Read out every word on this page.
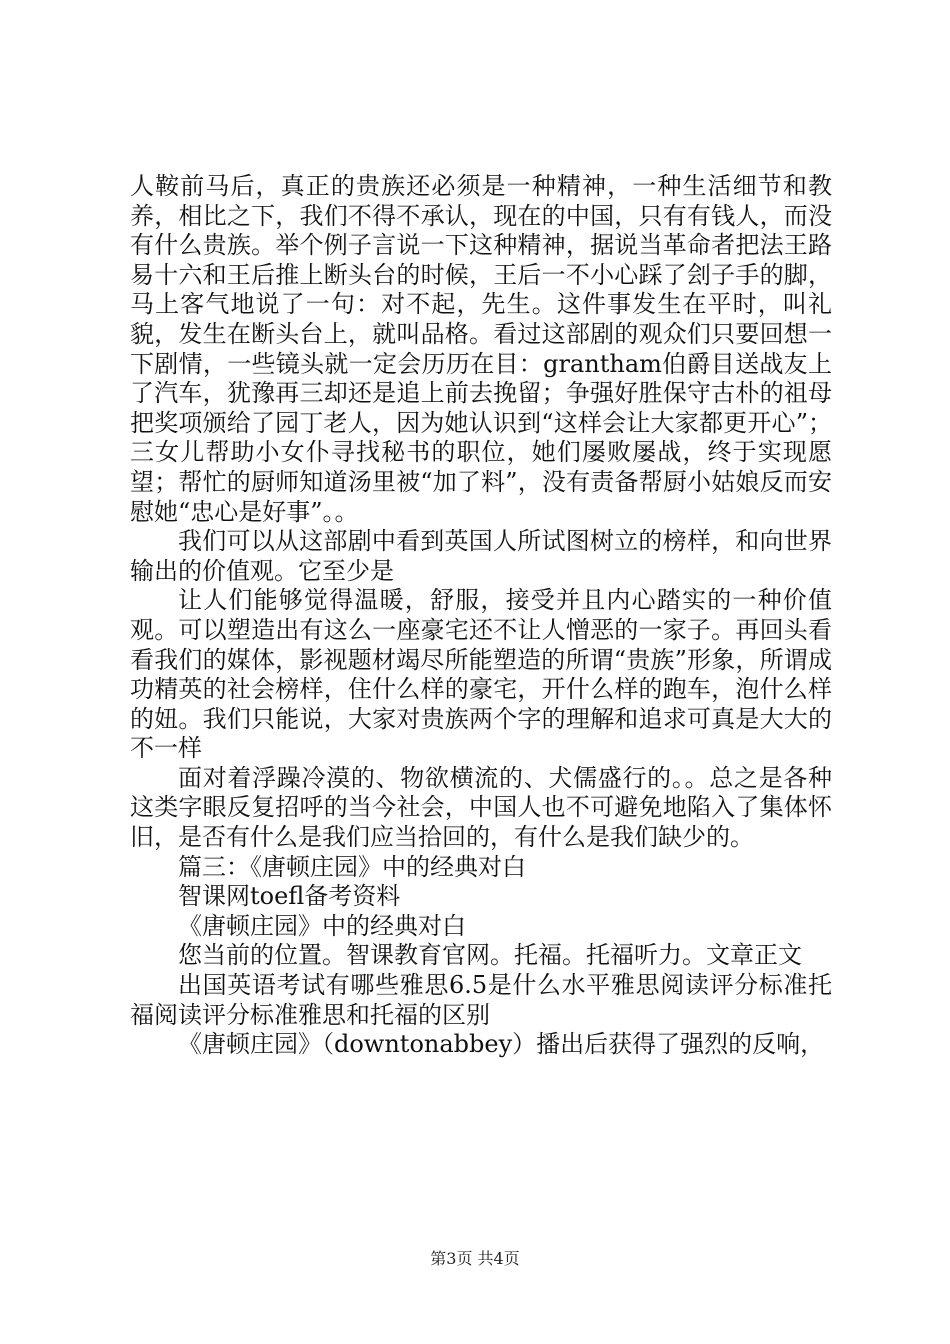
人鞍前马后，真正的贵族还必须是一种精神，一种生活细节和教养，相比之下，我们不得不承认，现在的中国，只有有钱人，而没有什么贵族。举个例子言说一下这种精神，据说当革命者把法王路易十六和王后推上断头台的时候，王后一不小心踩了刽子手的脚，马上客气地说了一句：对不起，先生。这件事发生在平时，叫礼貌，发生在断头台上，就叫品格。看过这部剧的观众们只要回想一下剧情，一些镜头就一定会历历在目：grantham伯爵目送战友上了汽车，犹豫再三却还是追上前去挽留；争强好胜保守古朴的祖母把奖项颁给了园丁老人，因为她认识到“这样会让大家都更开心”；三女儿帮助小女仆寻找秘书的职位，她们屡败屡战，终于实现愿望；帮忙的厨师知道汤里被“加了料”，没有责备帮厨小姑娘反而安慰她“忠心是好事”。。

我们可以从这部剧中看到英国人所试图树立的榜样，和向世界输出的价值观。它至少是

让人们能够觉得温暖，舒服，接受并且内心踏实的一种价值观。可以塑造出有这么一座豪宅还不让人憎恶的一家子。再回头看看我们的媒体，影视题材竭尽所能塑造的所谓“贵族”形象，所谓成功精英的社会榜样，住什么样的豪宅，开什么样的跑车，泡什么样的妞。我们只能说，大家对贵族两个字的理解和追求可真是大大的不一样

面对着浮躁冷漠的、物欲横流的、犬儒盛行的。。总之是各种这类字眼反复招呼的当今社会，中国人也不可避免地陷入了集体怀旧，是否有什么是我们应当拾回的，有什么是我们缺少的。

篇三：《唐顿庄园》中的经典对白

智课网toefl备考资料

《唐顿庄园》中的经典对白

您当前的位置。智课教育官网。托福。托福听力。文章正文

出国英语考试有哪些雅思6.5是什么水平雅思阅读评分标准托福阅读评分标准雅思和托福的区别

《唐顿庄园》（downtonabbey）播出后获得了强烈的反响，

第3页 共4页
